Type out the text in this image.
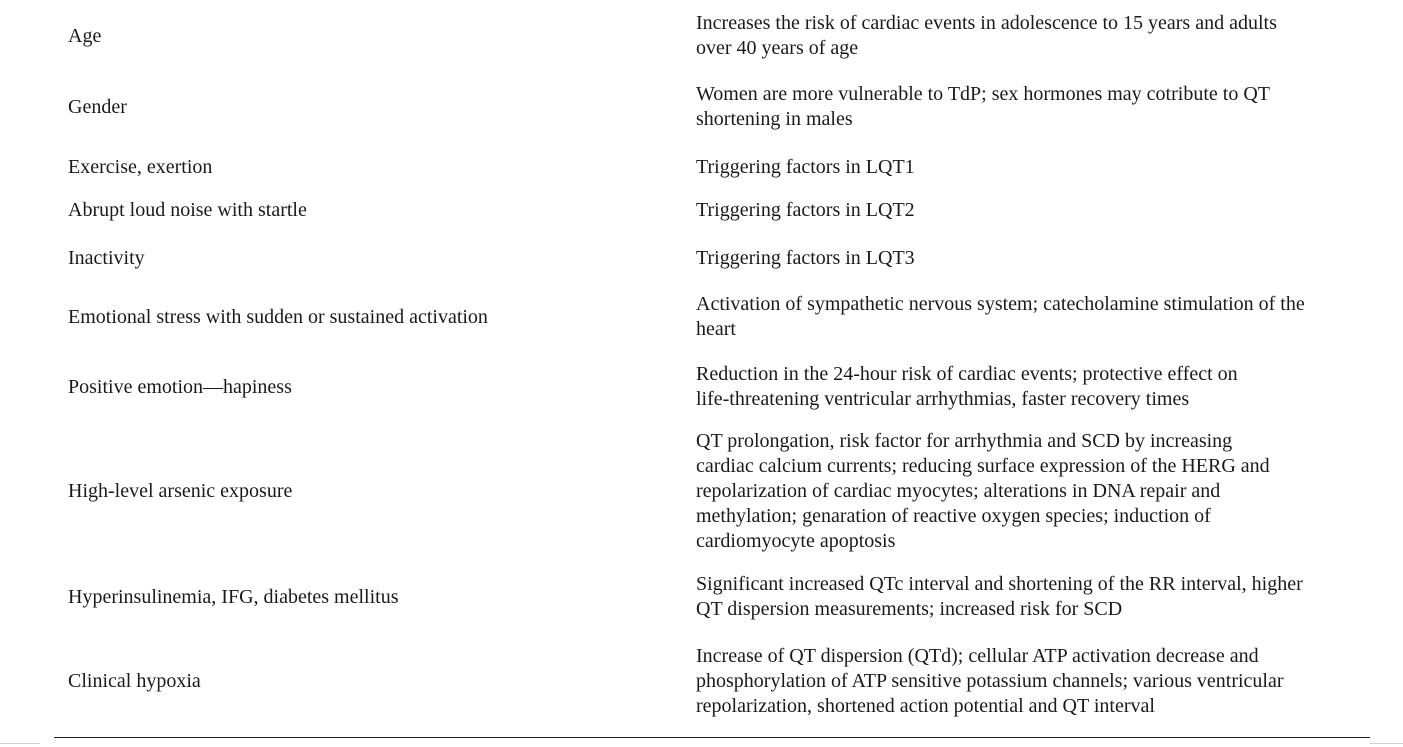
Age	Increases the risk of cardiac events in adolescence to 15 years and adults
over 40 years of age

Gender	Women are more vulnerable to TdP; sex hormones may cotribute to QT
shortening in males

Exercise, exertion	Triggering factors in LQT1

Abrupt loud noise with startle	Triggering factors in LQT2

Inactivity	Triggering factors in LQT3

Emotional stress with sudden or sustained activation	Activation of sympathetic nervous system; catecholamine stimulation of the
heart

Positive emotion—hapiness	Reduction in the 24-hour risk of cardiac events; protective effect on
life-threatening ventricular arrhythmias, faster recovery times

High-level arsenic exposure	QT prolongation, risk factor for arrhythmia and SCD by increasing
cardiac calcium currents; reducing surface expression of the HERG and
repolarization of cardiac myocytes; alterations in DNA repair and
methylation; genaration of reactive oxygen species; induction of
cardiomyocyte apoptosis

Hyperinsulinemia, IFG, diabetes mellitus	Significant increased QTc interval and shortening of the RR interval, higher
QT dispersion measurements; increased risk for SCD

Clinical hypoxia	Increase of QT dispersion (QTd); cellular ATP activation decrease and
phosphorylation of ATP sensitive potassium channels; various ventricular
repolarization, shortened action potential and QT interval
